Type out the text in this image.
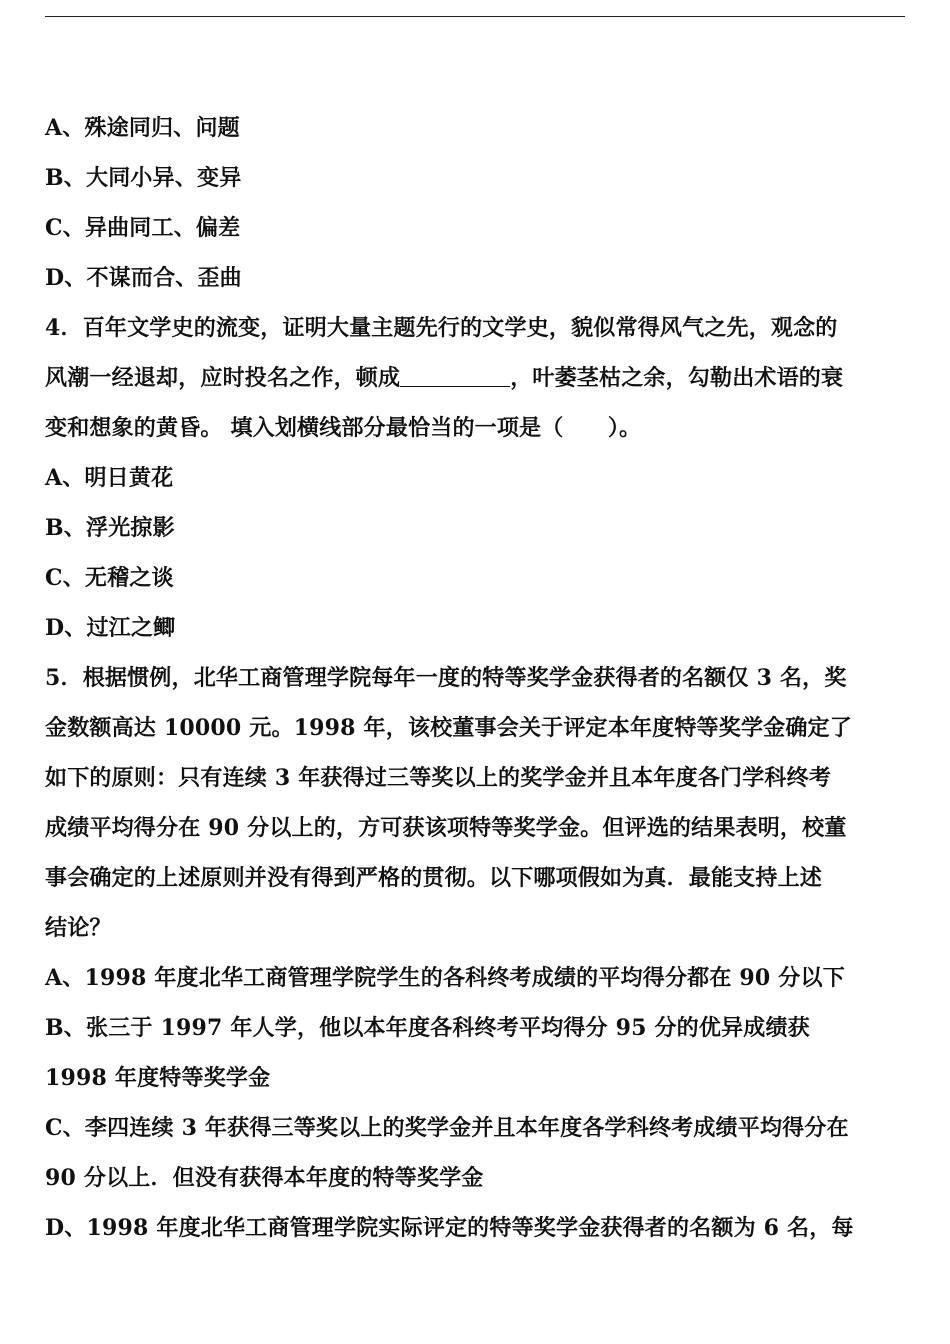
A、殊途同归、问题
B、大同小异、变异
C、异曲同工、偏差
D、不谋而合、歪曲
4．百年文学史的流变，证明大量主题先行的文学史，貌似常得风气之先，观念的
风潮一经退却，应时投名之作，顿成	，叶萎茎枯之余，勾勒出术语的衰
变和想象的黄昏。 填入划横线部分最恰当的一项是（　　）。
A、明日黄花
B、浮光掠影
C、无稽之谈
D、过江之鲫
5．根据惯例，北华工商管理学院每年一度的特等奖学金获得者的名额仅 3 名，奖
金数额高达 10000 元。1998 年，该校董事会关于评定本年度特等奖学金确定了
如下的原则：只有连续 3 年获得过三等奖以上的奖学金并且本年度各门学科终考
成绩平均得分在 90 分以上的，方可获该项特等奖学金。但评选的结果表明，校董
事会确定的上述原则并没有得到严格的贯彻。以下哪项假如为真．最能支持上述
结论？
A、1998 年度北华工商管理学院学生的各科终考成绩的平均得分都在 90 分以下
B、张三于 1997 年人学，他以本年度各科终考平均得分 95 分的优异成绩获
1998 年度特等奖学金
C、李四连续 3 年获得三等奖以上的奖学金并且本年度各学科终考成绩平均得分在
90 分以上．但没有获得本年度的特等奖学金
D、1998 年度北华工商管理学院实际评定的特等奖学金获得者的名额为 6 名，每
